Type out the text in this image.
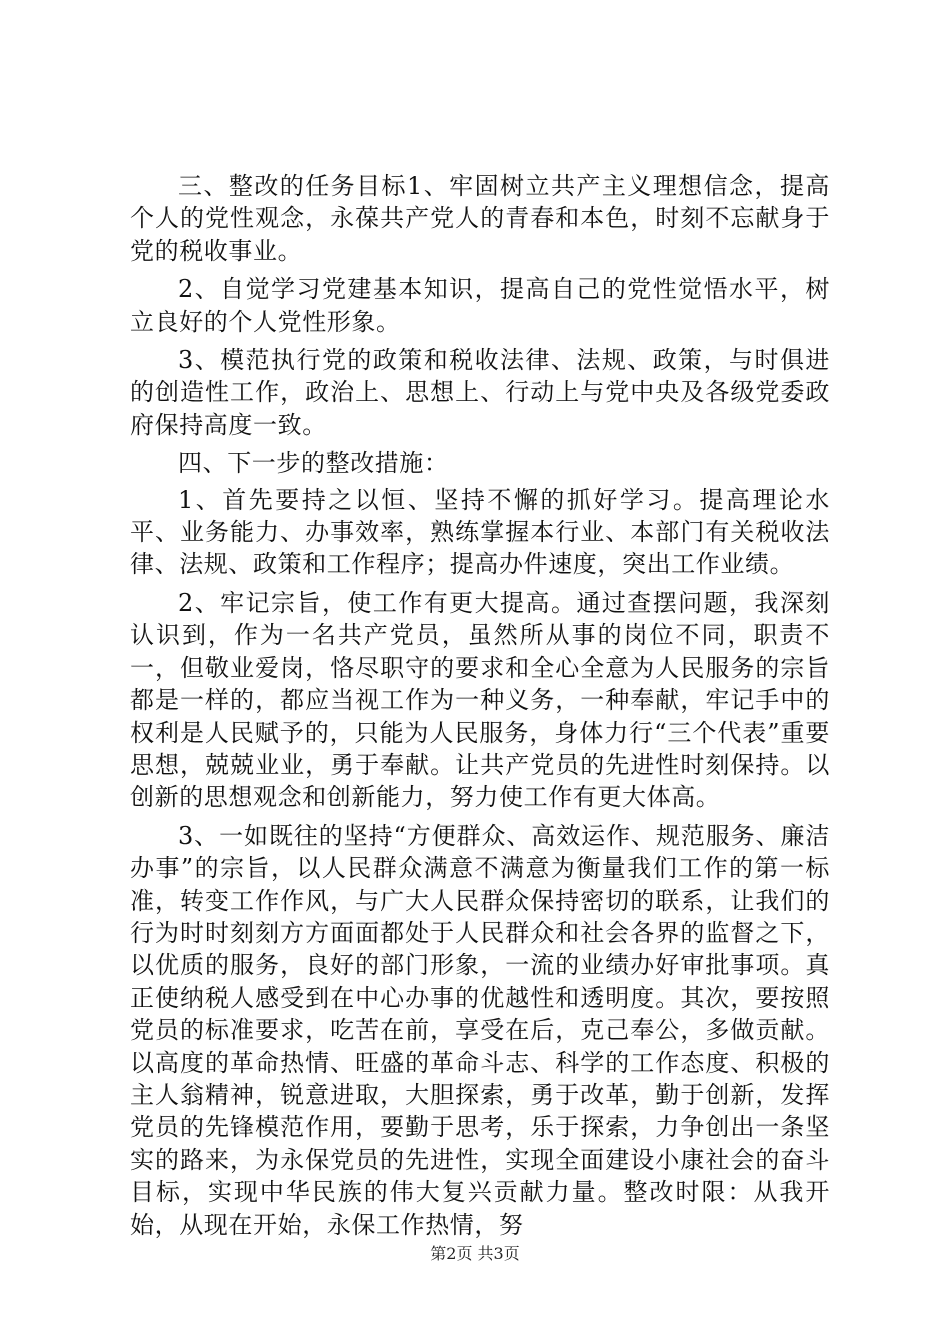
三、整改的任务目标1、牢固树立共产主义理想信念，提高个人的党性观念，永葆共产党人的青春和本色，时刻不忘献身于党的税收事业。

2、自觉学习党建基本知识，提高自己的党性觉悟水平，树立良好的个人党性形象。

3、模范执行党的政策和税收法律、法规、政策，与时俱进的创造性工作，政治上、思想上、行动上与党中央及各级党委政府保持高度一致。

四、下一步的整改措施：

1、首先要持之以恒、坚持不懈的抓好学习。提高理论水平、业务能力、办事效率，熟练掌握本行业、本部门有关税收法律、法规、政策和工作程序；提高办件速度，突出工作业绩。

2、牢记宗旨，使工作有更大提高。通过查摆问题，我深刻认识到，作为一名共产党员，虽然所从事的岗位不同，职责不一，但敬业爱岗，恪尽职守的要求和全心全意为人民服务的宗旨都是一样的，都应当视工作为一种义务，一种奉献，牢记手中的权利是人民赋予的，只能为人民服务，身体力行“三个代表”重要思想，兢兢业业，勇于奉献。让共产党员的先进性时刻保持。以创新的思想观念和创新能力，努力使工作有更大体高。

3、一如既往的坚持“方便群众、高效运作、规范服务、廉洁办事”的宗旨，以人民群众满意不满意为衡量我们工作的第一标准，转变工作作风，与广大人民群众保持密切的联系，让我们的行为时时刻刻方方面面都处于人民群众和社会各界的监督之下，以优质的服务，良好的部门形象，一流的业绩办好审批事项。真正使纳税人感受到在中心办事的优越性和透明度。其次，要按照党员的标准要求，吃苦在前，享受在后，克己奉公，多做贡献。以高度的革命热情、旺盛的革命斗志、科学的工作态度、积极的主人翁精神，锐意进取，大胆探索，勇于改革，勤于创新，发挥党员的先锋模范作用，要勤于思考，乐于探索，力争创出一条坚实的路来，为永保党员的先进性，实现全面建设小康社会的奋斗目标，实现中华民族的伟大复兴贡献力量。整改时限：从我开始，从现在开始，永保工作热情，努

第2页 共3页
